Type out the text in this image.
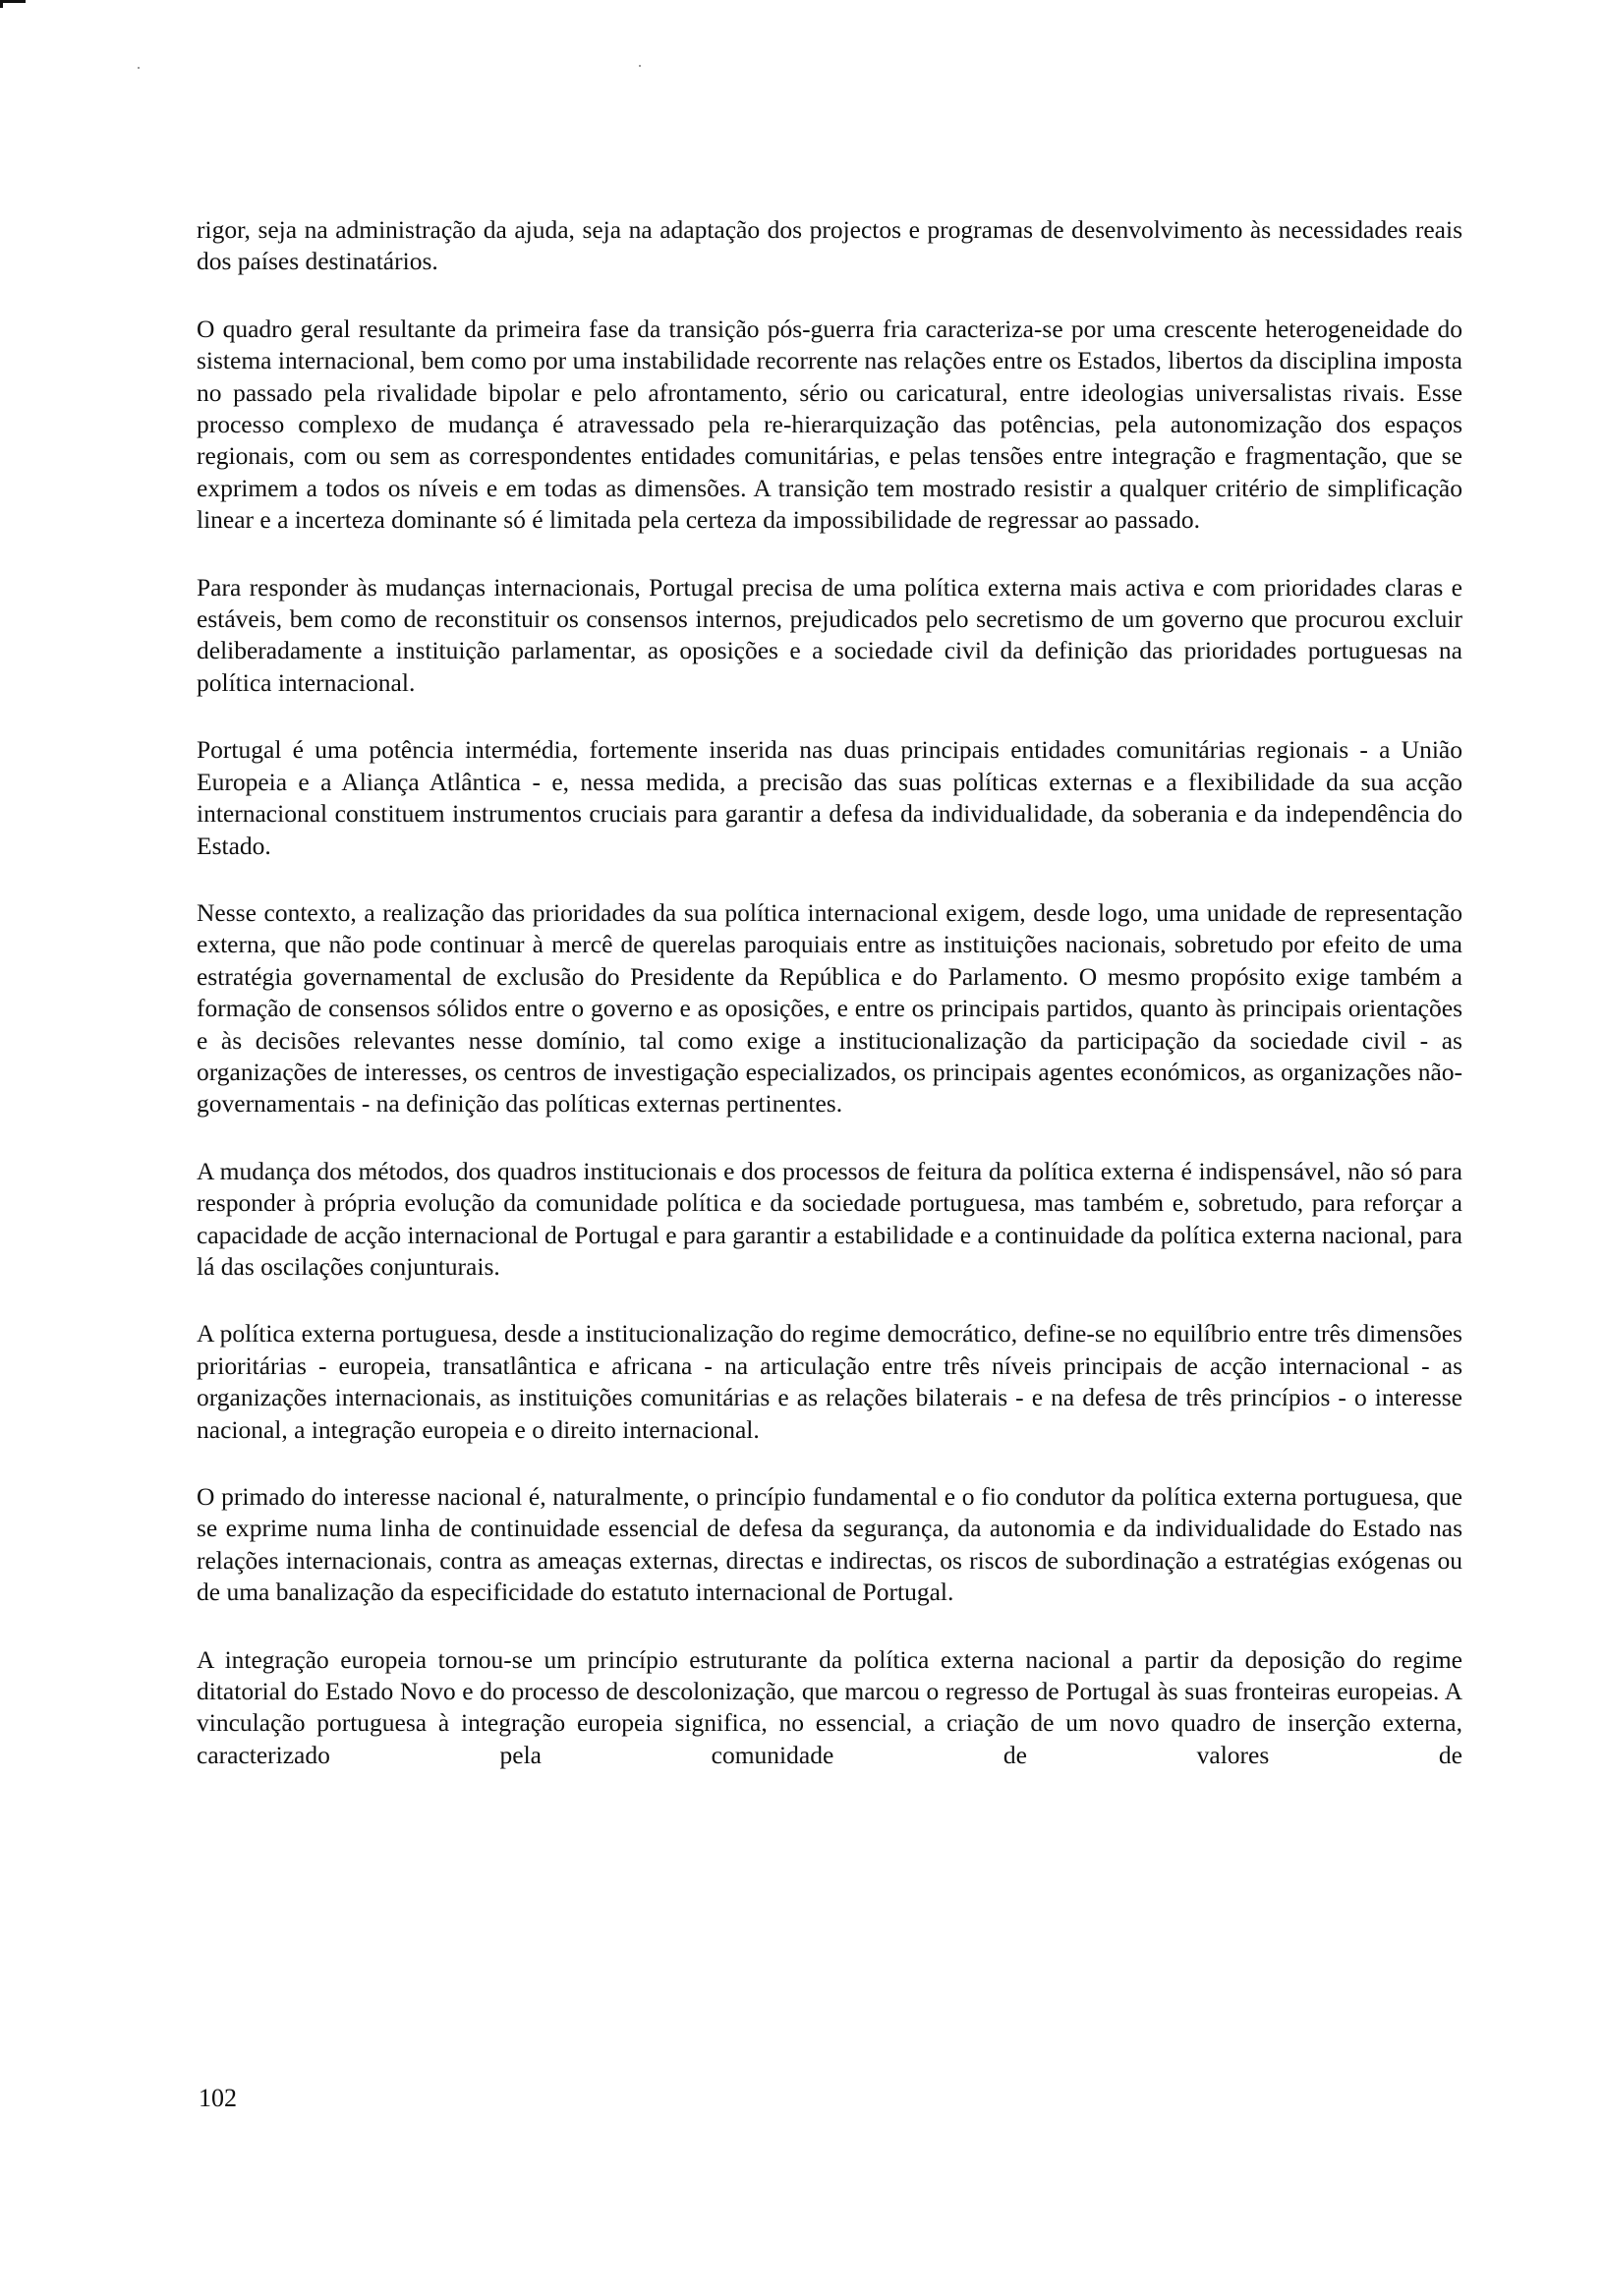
rigor, seja na administração da ajuda, seja na adaptação dos projectos e programas de desenvolvimento às necessidades reais dos países destinatários.

O quadro geral resultante da primeira fase da transição pós-guerra fria caracteriza-se por uma crescente heterogeneidade do sistema internacional, bem como por uma instabilidade recorrente nas relações entre os Estados, libertos da disciplina imposta no passado pela rivalidade bipolar e pelo afrontamento, sério ou caricatural, entre ideologias universalistas rivais. Esse processo complexo de mudança é atravessado pela re-hierarquização das potências, pela autonomização dos espaços regionais, com ou sem as correspondentes entidades comunitárias, e pelas tensões entre integração e fragmentação, que se exprimem a todos os níveis e em todas as dimensões. A transição tem mostrado resistir a qualquer critério de simplificação linear e a incerteza dominante só é limitada pela certeza da impossibilidade de regressar ao passado.

Para responder às mudanças internacionais, Portugal precisa de uma política externa mais activa e com prioridades claras e estáveis, bem como de reconstituir os consensos internos, prejudicados pelo secretismo de um governo que procurou excluir deliberadamente a instituição parlamentar, as oposições e a sociedade civil da definição das prioridades portuguesas na política internacional.

Portugal é uma potência intermédia, fortemente inserida nas duas principais entidades comunitárias regionais - a União Europeia e a Aliança Atlântica - e, nessa medida, a precisão das suas políticas externas e a flexibilidade da sua acção internacional constituem instrumentos cruciais para garantir a defesa da individualidade, da soberania e da independência do Estado.

Nesse contexto, a realização das prioridades da sua política internacional exigem, desde logo, uma unidade de representação externa, que não pode continuar à mercê de querelas paroquiais entre as instituições nacionais, sobretudo por efeito de uma estratégia governamental de exclusão do Presidente da República e do Parlamento. O mesmo propósito exige também a formação de consensos sólidos entre o governo e as oposições, e entre os principais partidos, quanto às principais orientações e às decisões relevantes nesse domínio, tal como exige a institucionalização da participação da sociedade civil - as organizações de interesses, os centros de investigação especializados, os principais agentes económicos, as organizações não-governamentais - na definição das políticas externas pertinentes.

A mudança dos métodos, dos quadros institucionais e dos processos de feitura da política externa é indispensável, não só para responder à própria evolução da comunidade política e da sociedade portuguesa, mas também e, sobretudo, para reforçar a capacidade de acção internacional de Portugal e para garantir a estabilidade e a continuidade da política externa nacional, para lá das oscilações conjunturais.

A política externa portuguesa, desde a institucionalização do regime democrático, define-se no equilíbrio entre três dimensões prioritárias - europeia, transatlântica e africana - na articulação entre três níveis principais de acção internacional - as organizações internacionais, as instituições comunitárias e as relações bilaterais - e na defesa de três princípios - o interesse nacional, a integração europeia e o direito internacional.

O primado do interesse nacional é, naturalmente, o princípio fundamental e o fio condutor da política externa portuguesa, que se exprime numa linha de continuidade essencial de defesa da segurança, da autonomia e da individualidade do Estado nas relações internacionais, contra as ameaças externas, directas e indirectas, os riscos de subordinação a estratégias exógenas ou de uma banalização da especificidade do estatuto internacional de Portugal.

A integração europeia tornou-se um princípio estruturante da política externa nacional a partir da deposição do regime ditatorial do Estado Novo e do processo de descolonização, que marcou o regresso de Portugal às suas fronteiras europeias. A vinculação portuguesa à integração europeia significa, no essencial, a criação de um novo quadro de inserção externa, caracterizado pela comunidade de valores de

102
